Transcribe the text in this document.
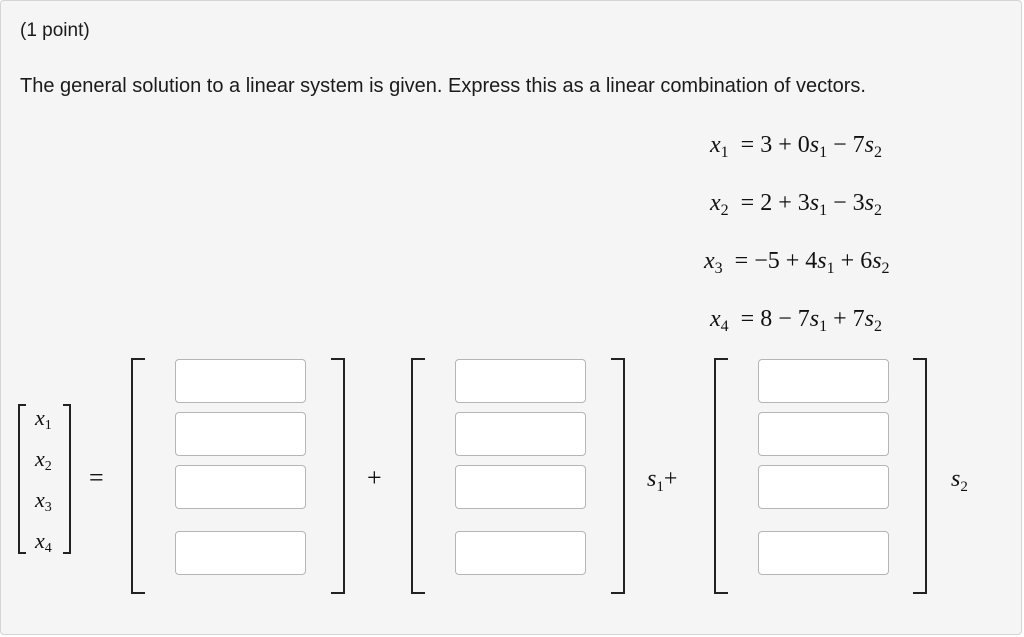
(1 point)
The general solution to a linear system is given. Express this as a linear combination of vectors.
$x_1 = 3 + 0s_1 - 7s_2$
$x_2 = 2 + 3s_1 - 3s_2$
$x_3 = -5 + 4s_1 + 6s_2$
$x_4 = 8 - 7s_1 + 7s_2$
$x_1$
$x_2$
$x_3$
$x_4$
=	+	$s_1+$	$s_2$
